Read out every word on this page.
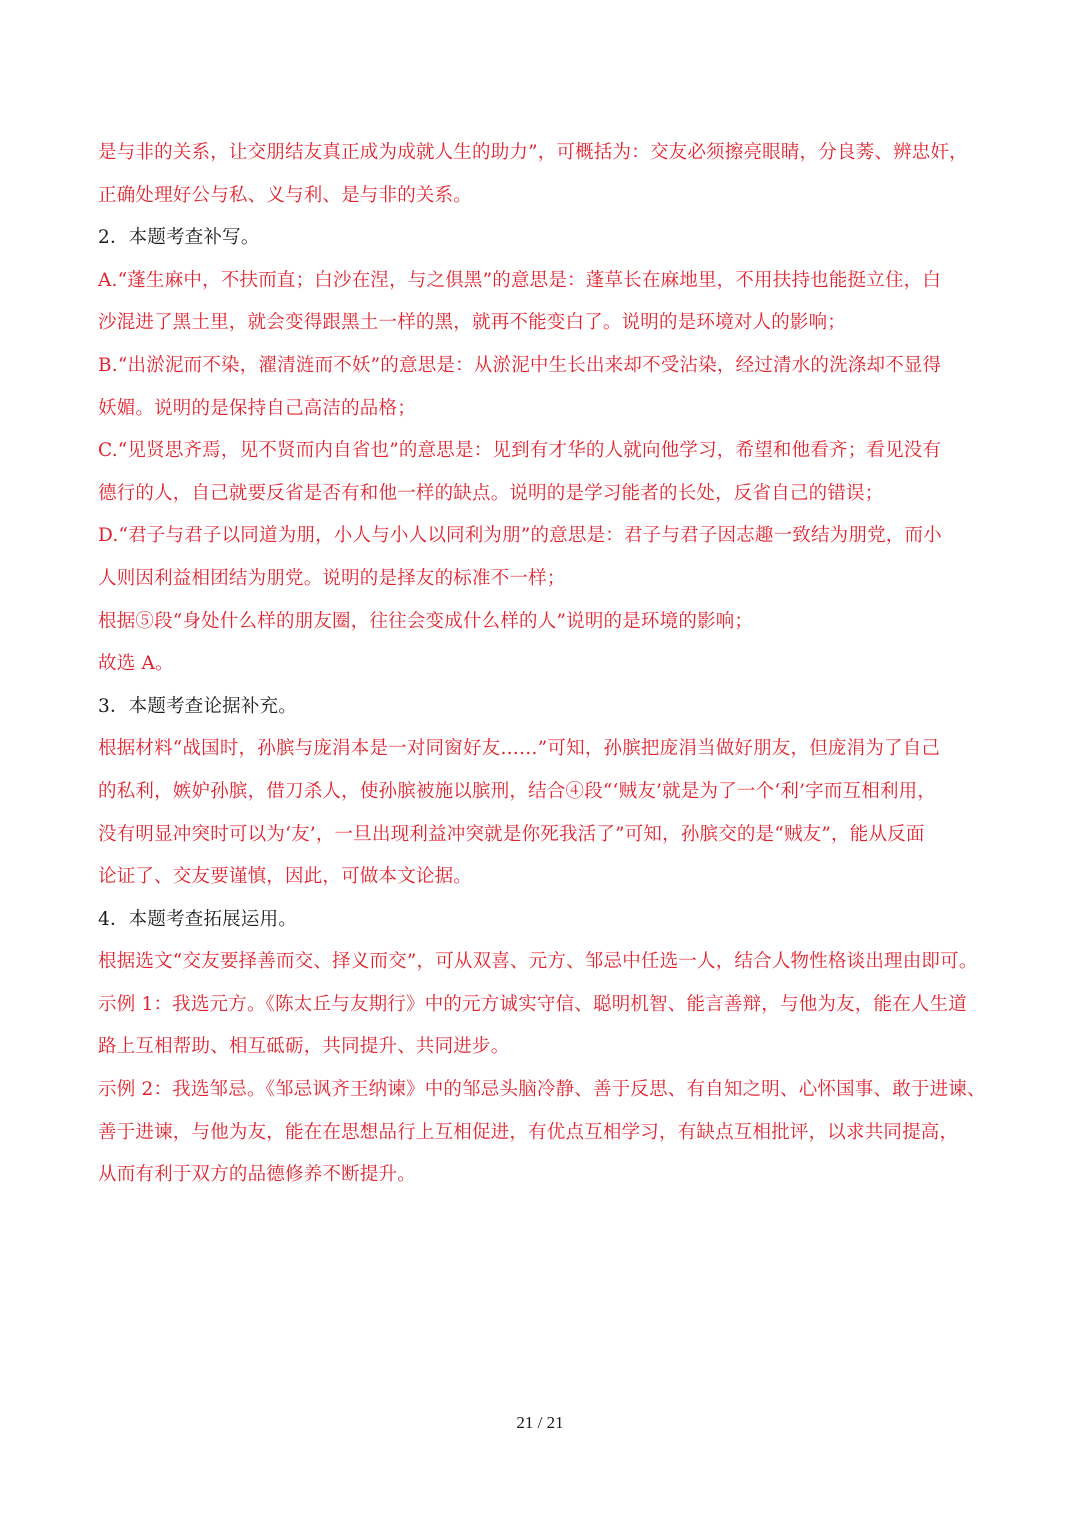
是与非的关系，让交朋结友真正成为成就人生的助力”，可概括为：交友必须擦亮眼睛，分良莠、辨忠奸，
正确处理好公与私、义与利、是与非的关系。
2．本题考查补写。
A.“蓬生麻中，不扶而直；白沙在涅，与之俱黑”的意思是：蓬草长在麻地里，不用扶持也能挺立住，白
沙混进了黑土里，就会变得跟黑土一样的黑，就再不能变白了。说明的是环境对人的影响；
B.“出淤泥而不染，濯清涟而不妖”的意思是：从淤泥中生长出来却不受沾染，经过清水的洗涤却不显得
妖媚。说明的是保持自己高洁的品格；
C.“见贤思齐焉，见不贤而内自省也”的意思是：见到有才华的人就向他学习，希望和他看齐；看见没有
德行的人，自己就要反省是否有和他一样的缺点。说明的是学习能者的长处，反省自己的错误；
D.“君子与君子以同道为朋，小人与小人以同利为朋”的意思是：君子与君子因志趣一致结为朋党，而小
人则因利益相团结为朋党。说明的是择友的标准不一样；
根据⑤段“身处什么样的朋友圈，往往会变成什么样的人”说明的是环境的影响；
故选 A。
3．本题考查论据补充。
根据材料“战国时，孙膑与庞涓本是一对同窗好友……”可知，孙膑把庞涓当做好朋友，但庞涓为了自己
的私利，嫉妒孙膑，借刀杀人，使孙膑被施以膑刑，结合④段“‘贼友’就是为了一个‘利’字而互相利用，
没有明显冲突时可以为‘友’，一旦出现利益冲突就是你死我活了”可知，孙膑交的是“贼友”，能从反面
论证了、交友要谨慎，因此，可做本文论据。
4．本题考查拓展运用。
根据选文“交友要择善而交、择义而交”，可从双喜、元方、邹忌中任选一人，结合人物性格谈出理由即可。
示例 1：我选元方。《陈太丘与友期行》中的元方诚实守信、聪明机智、能言善辩，与他为友，能在人生道
路上互相帮助、相互砥砺，共同提升、共同进步。
示例 2：我选邹忌。《邹忌讽齐王纳谏》中的邹忌头脑冷静、善于反思、有自知之明、心怀国事、敢于进谏、
善于进谏，与他为友，能在在思想品行上互相促进，有优点互相学习，有缺点互相批评，以求共同提高，
从而有利于双方的品德修养不断提升。
21 / 21
